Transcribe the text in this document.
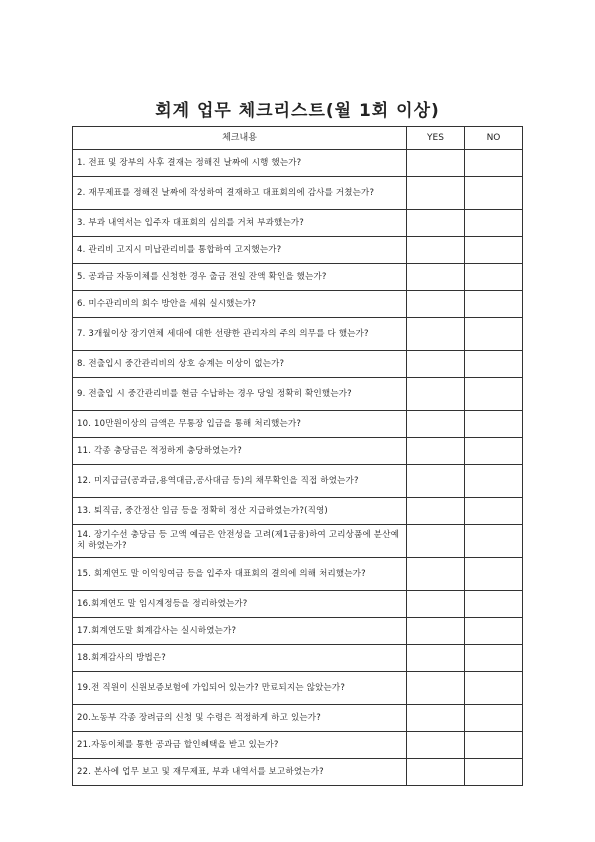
회계 업무 체크리스트(월 1회 이상)
체크내용	YES	NO
1. 전표 및 장부의 사후 결재는 정해진 날짜에 시행 했는가?		
2. 재무제표를 정해진 날짜에 작성하여 결재하고 대표회의에 감사를 거쳤는가?		
3. 부과 내역서는 입주자 대표회의 심의를 거쳐 부과했는가?		
4. 관리비 고지시 미납관리비를 통합하여 고지했는가?		
5. 공과금 자동이체를 신청한 경우 출금 전일 잔액 확인을 했는가?		
6. 미수관리비의 회수 방안을 세워 실시했는가?		
7. 3개월이상 장기연체 세대에 대한 선량한 관리자의 주의 의무를 다 했는가?		
8. 전출입시 중간관리비의 상호 승계는 이상이 없는가?		
9. 전출입 시 중간관리비를 현금 수납하는 경우 당일 정확히 확인했는가?		
10. 10만원이상의 금액은 무통장 입금을 통해 처리했는가?		
11. 각종 충당금은 적정하게 충당하였는가?		
12. 미지급금(공과금,용역대금,공사대금 등)의 채무확인을 직접 하였는가?		
13. 퇴직금, 중간정산 임금 등을 정확히 정산 지급하였는가?(직영)		
14. 장기수선 충당금 등 고액 예금은 안전성을 고려(제1금융)하여 고리상품에 분산예치 하였는가?		
15. 회계연도 말 이익잉여금 등을 입주자 대표회의 결의에 의해 처리했는가?		
16.회계연도 말 임시계정등을 정리하였는가?		
17.회계연도말 회계감사는 실시하였는가?		
18.회계감사의 방법은?		
19.전 직원이 신원보증보험에 가입되어 있는가? 만료되지는 않았는가?		
20.노동부 각종 장려금의 신청 및 수령은 적정하게 하고 있는가?		
21.자동이체를 통한 공과금 할인혜택을 받고 있는가?		
22. 본사에 업무 보고 및 재무제표, 부과 내역서를 보고하였는가?		
